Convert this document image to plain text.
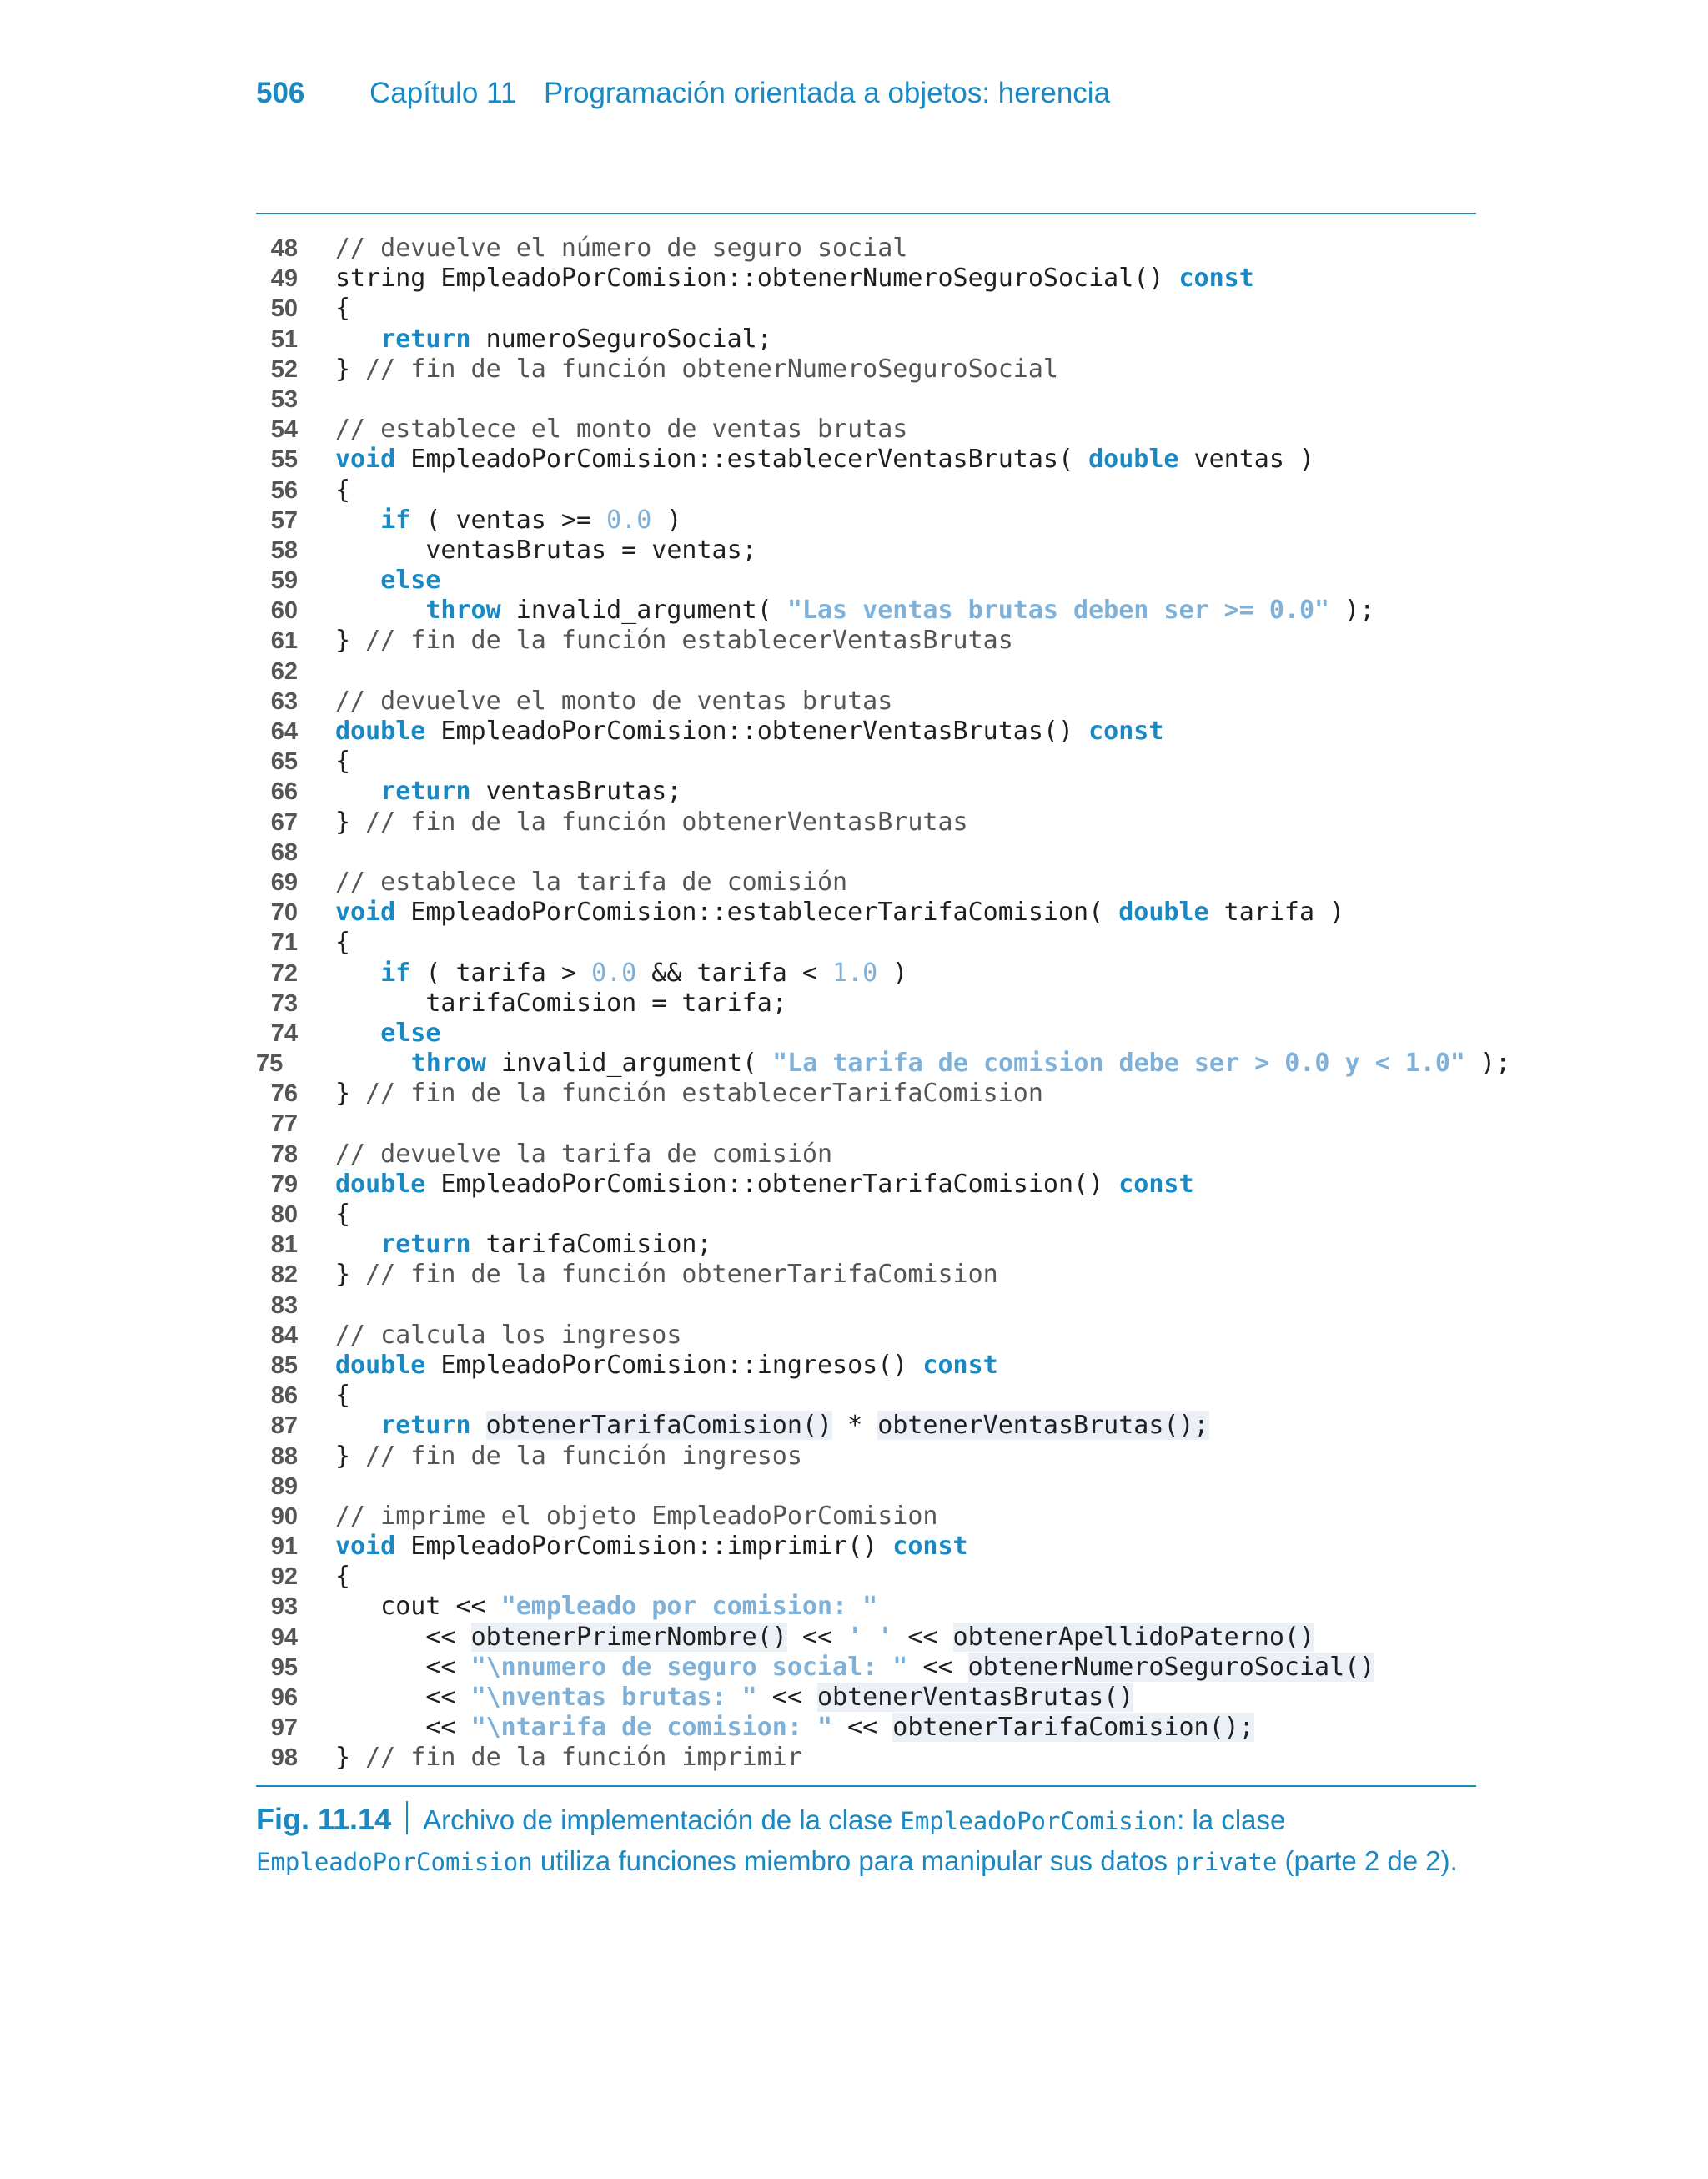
506	Capítulo 11 Programación orientada a objetos: herencia
48 // devuelve el número de seguro social
49 string EmpleadoPorComision::obtenerNumeroSeguroSocial() const
50 {
51	return numeroSeguroSocial;
52 } // fin de la función obtenerNumeroSeguroSocial
53
54 // establece el monto de ventas brutas
55 void EmpleadoPorComision::establecerVentasBrutas( double ventas )
56 {
57	if ( ventas >= 0.0 )
58 ventasBrutas = ventas;
59	else
60	throw invalid_argument( "Las ventas brutas deben ser >= 0.0" );
61 } // fin de la función establecerVentasBrutas
62
63 // devuelve el monto de ventas brutas
64 double EmpleadoPorComision::obtenerVentasBrutas() const
65 {
66	return ventasBrutas;
67 } // fin de la función obtenerVentasBrutas
68
69 // establece la tarifa de comisión
70 void EmpleadoPorComision::establecerTarifaComision( double tarifa )
71 {
72	if ( tarifa > 0.0 && tarifa < 1.0 )
73 tarifaComision = tarifa;
74	else
75	throw invalid_argument( "La tarifa de comision debe ser > 0.0 y < 1.0" );
76 } // fin de la función establecerTarifaComision
77
78 // devuelve la tarifa de comisión
79 double EmpleadoPorComision::obtenerTarifaComision() const
80 {
81	return tarifaComision;
82 } // fin de la función obtenerTarifaComision
83
84 // calcula los ingresos
85 double EmpleadoPorComision::ingresos() const
86 {
87	return obtenerTarifaComision() * obtenerVentasBrutas();
88 } // fin de la función ingresos
89
90 // imprime el objeto EmpleadoPorComision
91 void EmpleadoPorComision::imprimir() const
92 {
93 cout << "empleado por comision: "
94 << obtenerPrimerNombre() << ' ' << obtenerApellidoPaterno()
95 << "\nnumero de seguro social: " << obtenerNumeroSeguroSocial()
96 << "\nventas brutas: " << obtenerVentasBrutas()
97 << "\ntarifa de comision: " << obtenerTarifaComision();
98 } // fin de la función imprimir
Fig. 11.14 Archivo de implementación de la clase EmpleadoPorComision: la clase
EmpleadoPorComision utiliza funciones miembro para manipular sus datos private (parte 2 de 2).
